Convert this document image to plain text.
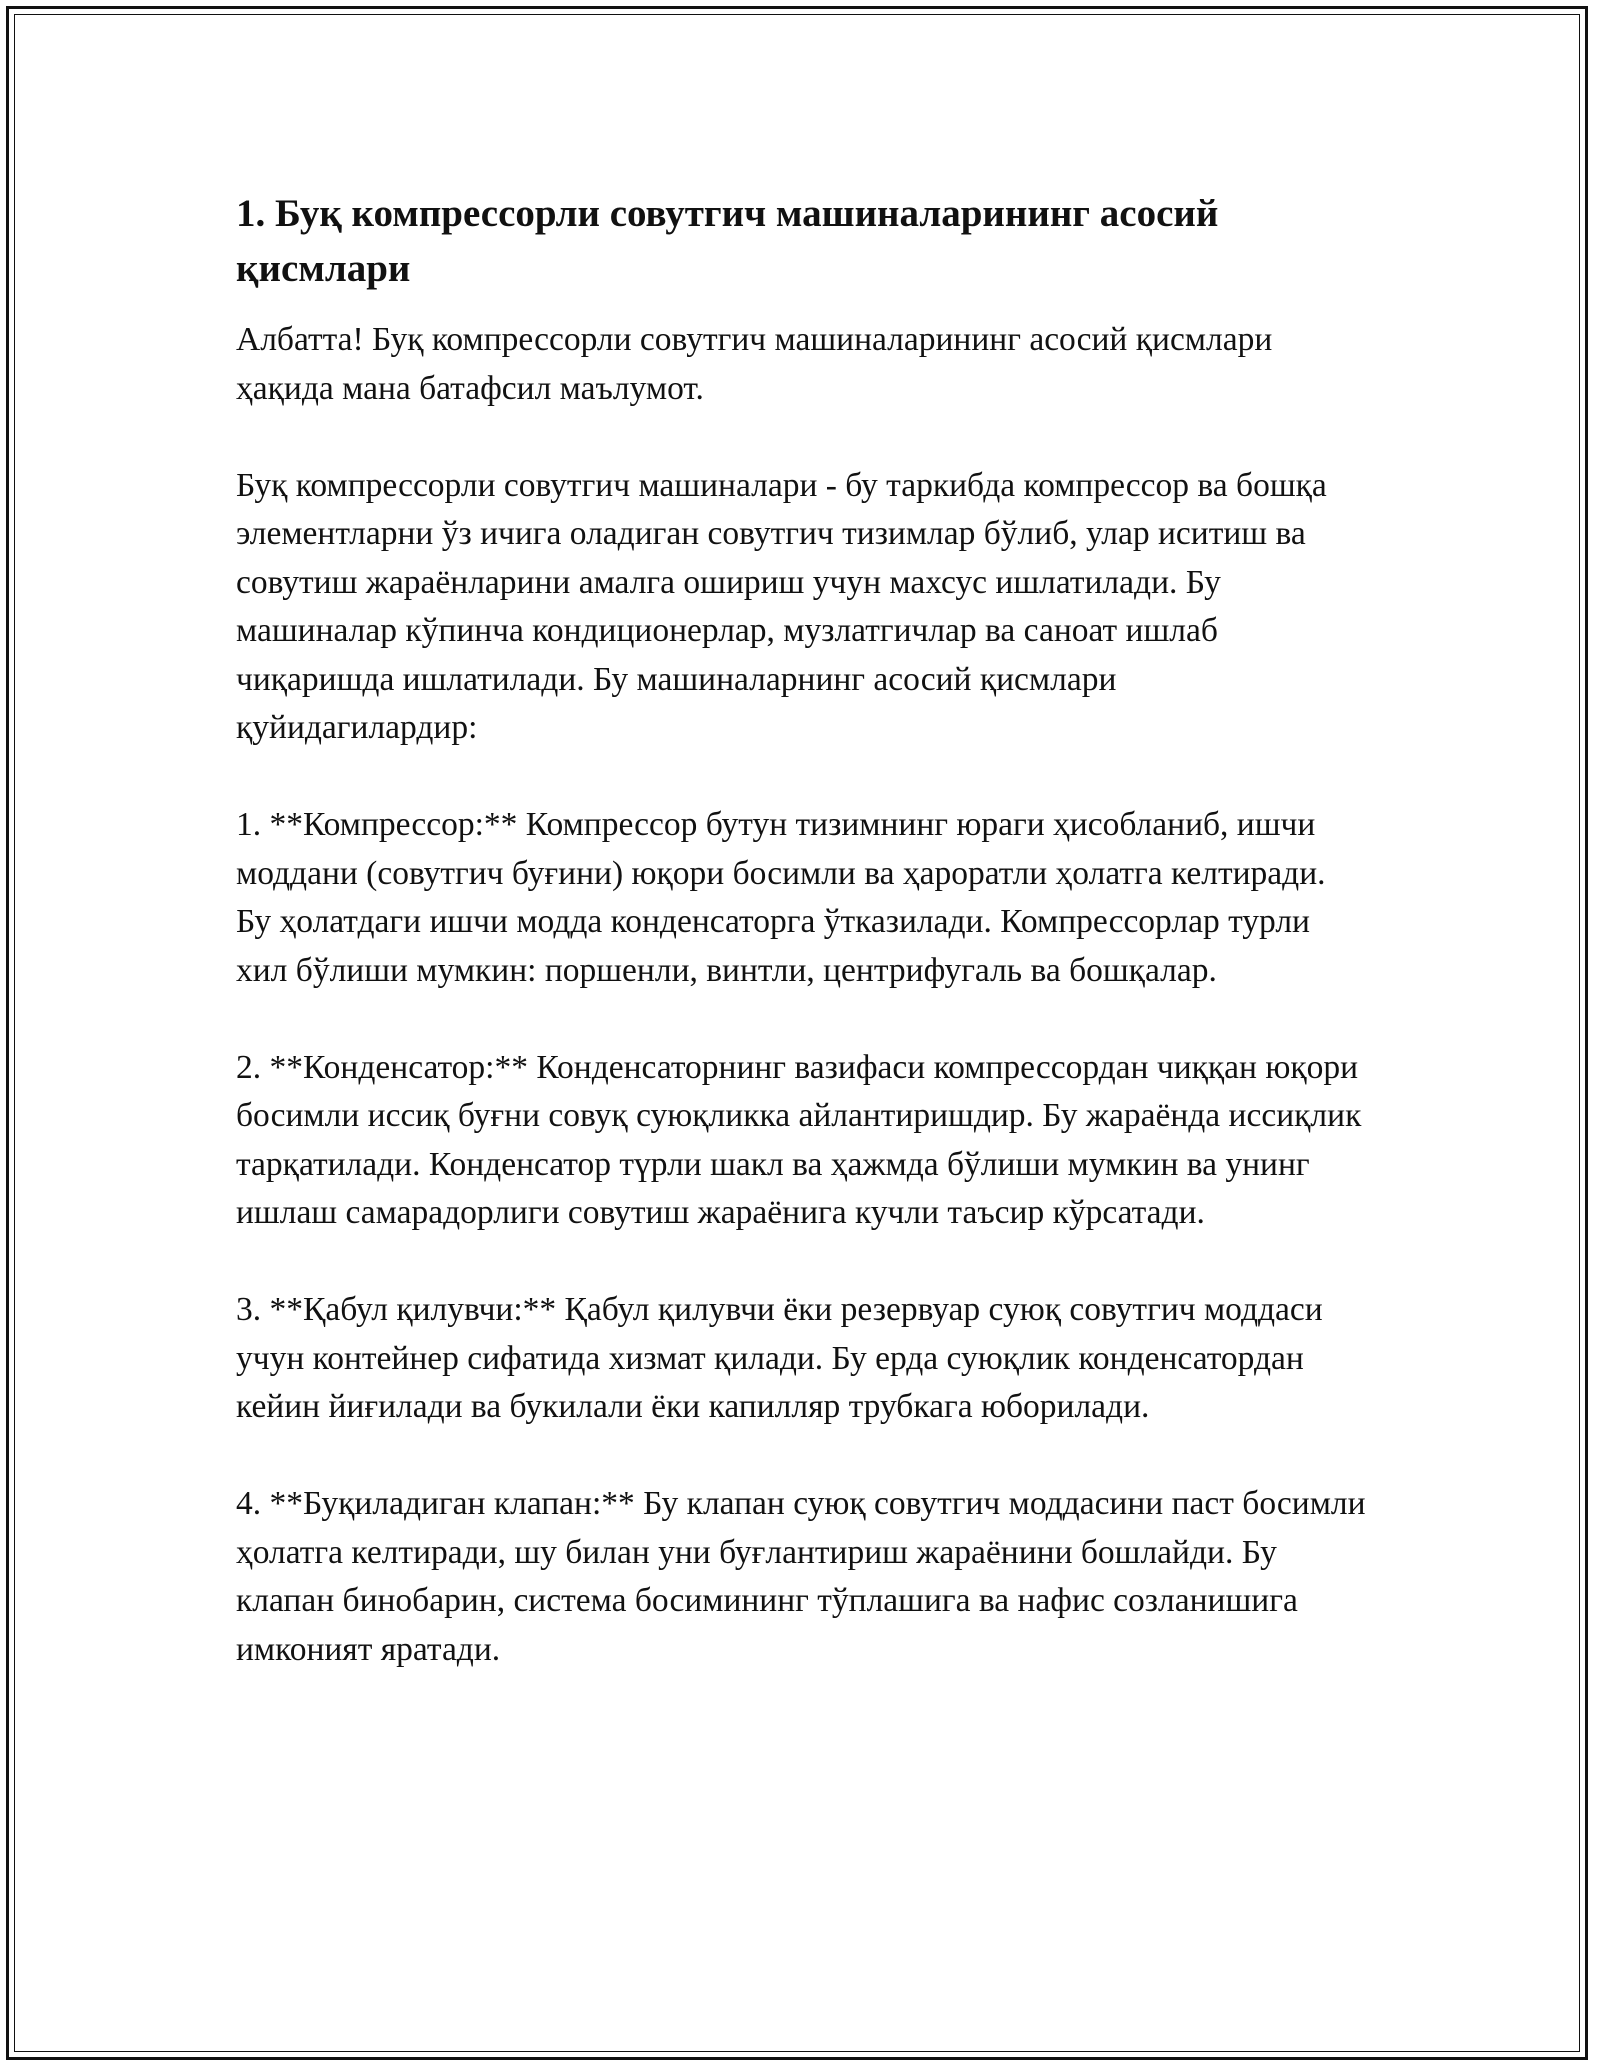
1. Буқ компрессорли совутгич машиналарининг асосий қисмлари

Албатта! Буқ компрессорли совутгич машиналарининг асосий қисмлари ҳақида мана батафсил маълумот.

Буқ компрессорли совутгич машиналари - бу таркибда компрессор ва бошқа элементларни ўз ичига оладиган совутгич тизимлар бўлиб, улар иситиш ва совутиш жараёнларини амалга ошириш учун махсус ишлатилади. Бу машиналар кўпинча кондиционерлар, музлатгичлар ва саноат ишлаб чиқаришда ишлатилади. Бу машиналарнинг асосий қисмлари қуйидагилардир:

1. **Компрессор:** Компрессор бутун тизимнинг юраги ҳисобланиб, ишчи моддани (совутгич буғини) юқори босимли ва ҳароратли ҳолатга келтиради. Бу ҳолатдаги ишчи модда конденсаторга ўтказилади. Компрессорлар турли хил бўлиши мумкин: поршенли, винтли, центрифугаль ва бошқалар.

2. **Конденсатор:** Конденсаторнинг вазифаси компрессордан чиққан юқори босимли иссиқ буғни совуқ суюқликка айлантиришдир. Бу жараёнда иссиқлик тарқатилади. Конденсатор түрли шакл ва ҳажмда бўлиши мумкин ва унинг ишлаш самарадорлиги совутиш жараёнига кучли таъсир кўрсатади.

3. **Қабул қилувчи:** Қабул қилувчи ёки резервуар суюқ совутгич моддаси учун контейнер сифатида хизмат қилади. Бу ерда суюқлик конденсатордан кейин йиғилади ва букилали ёки капилляр трубкага юборилади.

4. **Буқиладиган клапан:** Бу клапан суюқ совутгич моддасини паст босимли ҳолатга келтиради, шу билан уни буғлантириш жараёнини бошлайди. Бу клапан бинобарин, система босимининг тўплашига ва нафис созланишига имконият яратади.
